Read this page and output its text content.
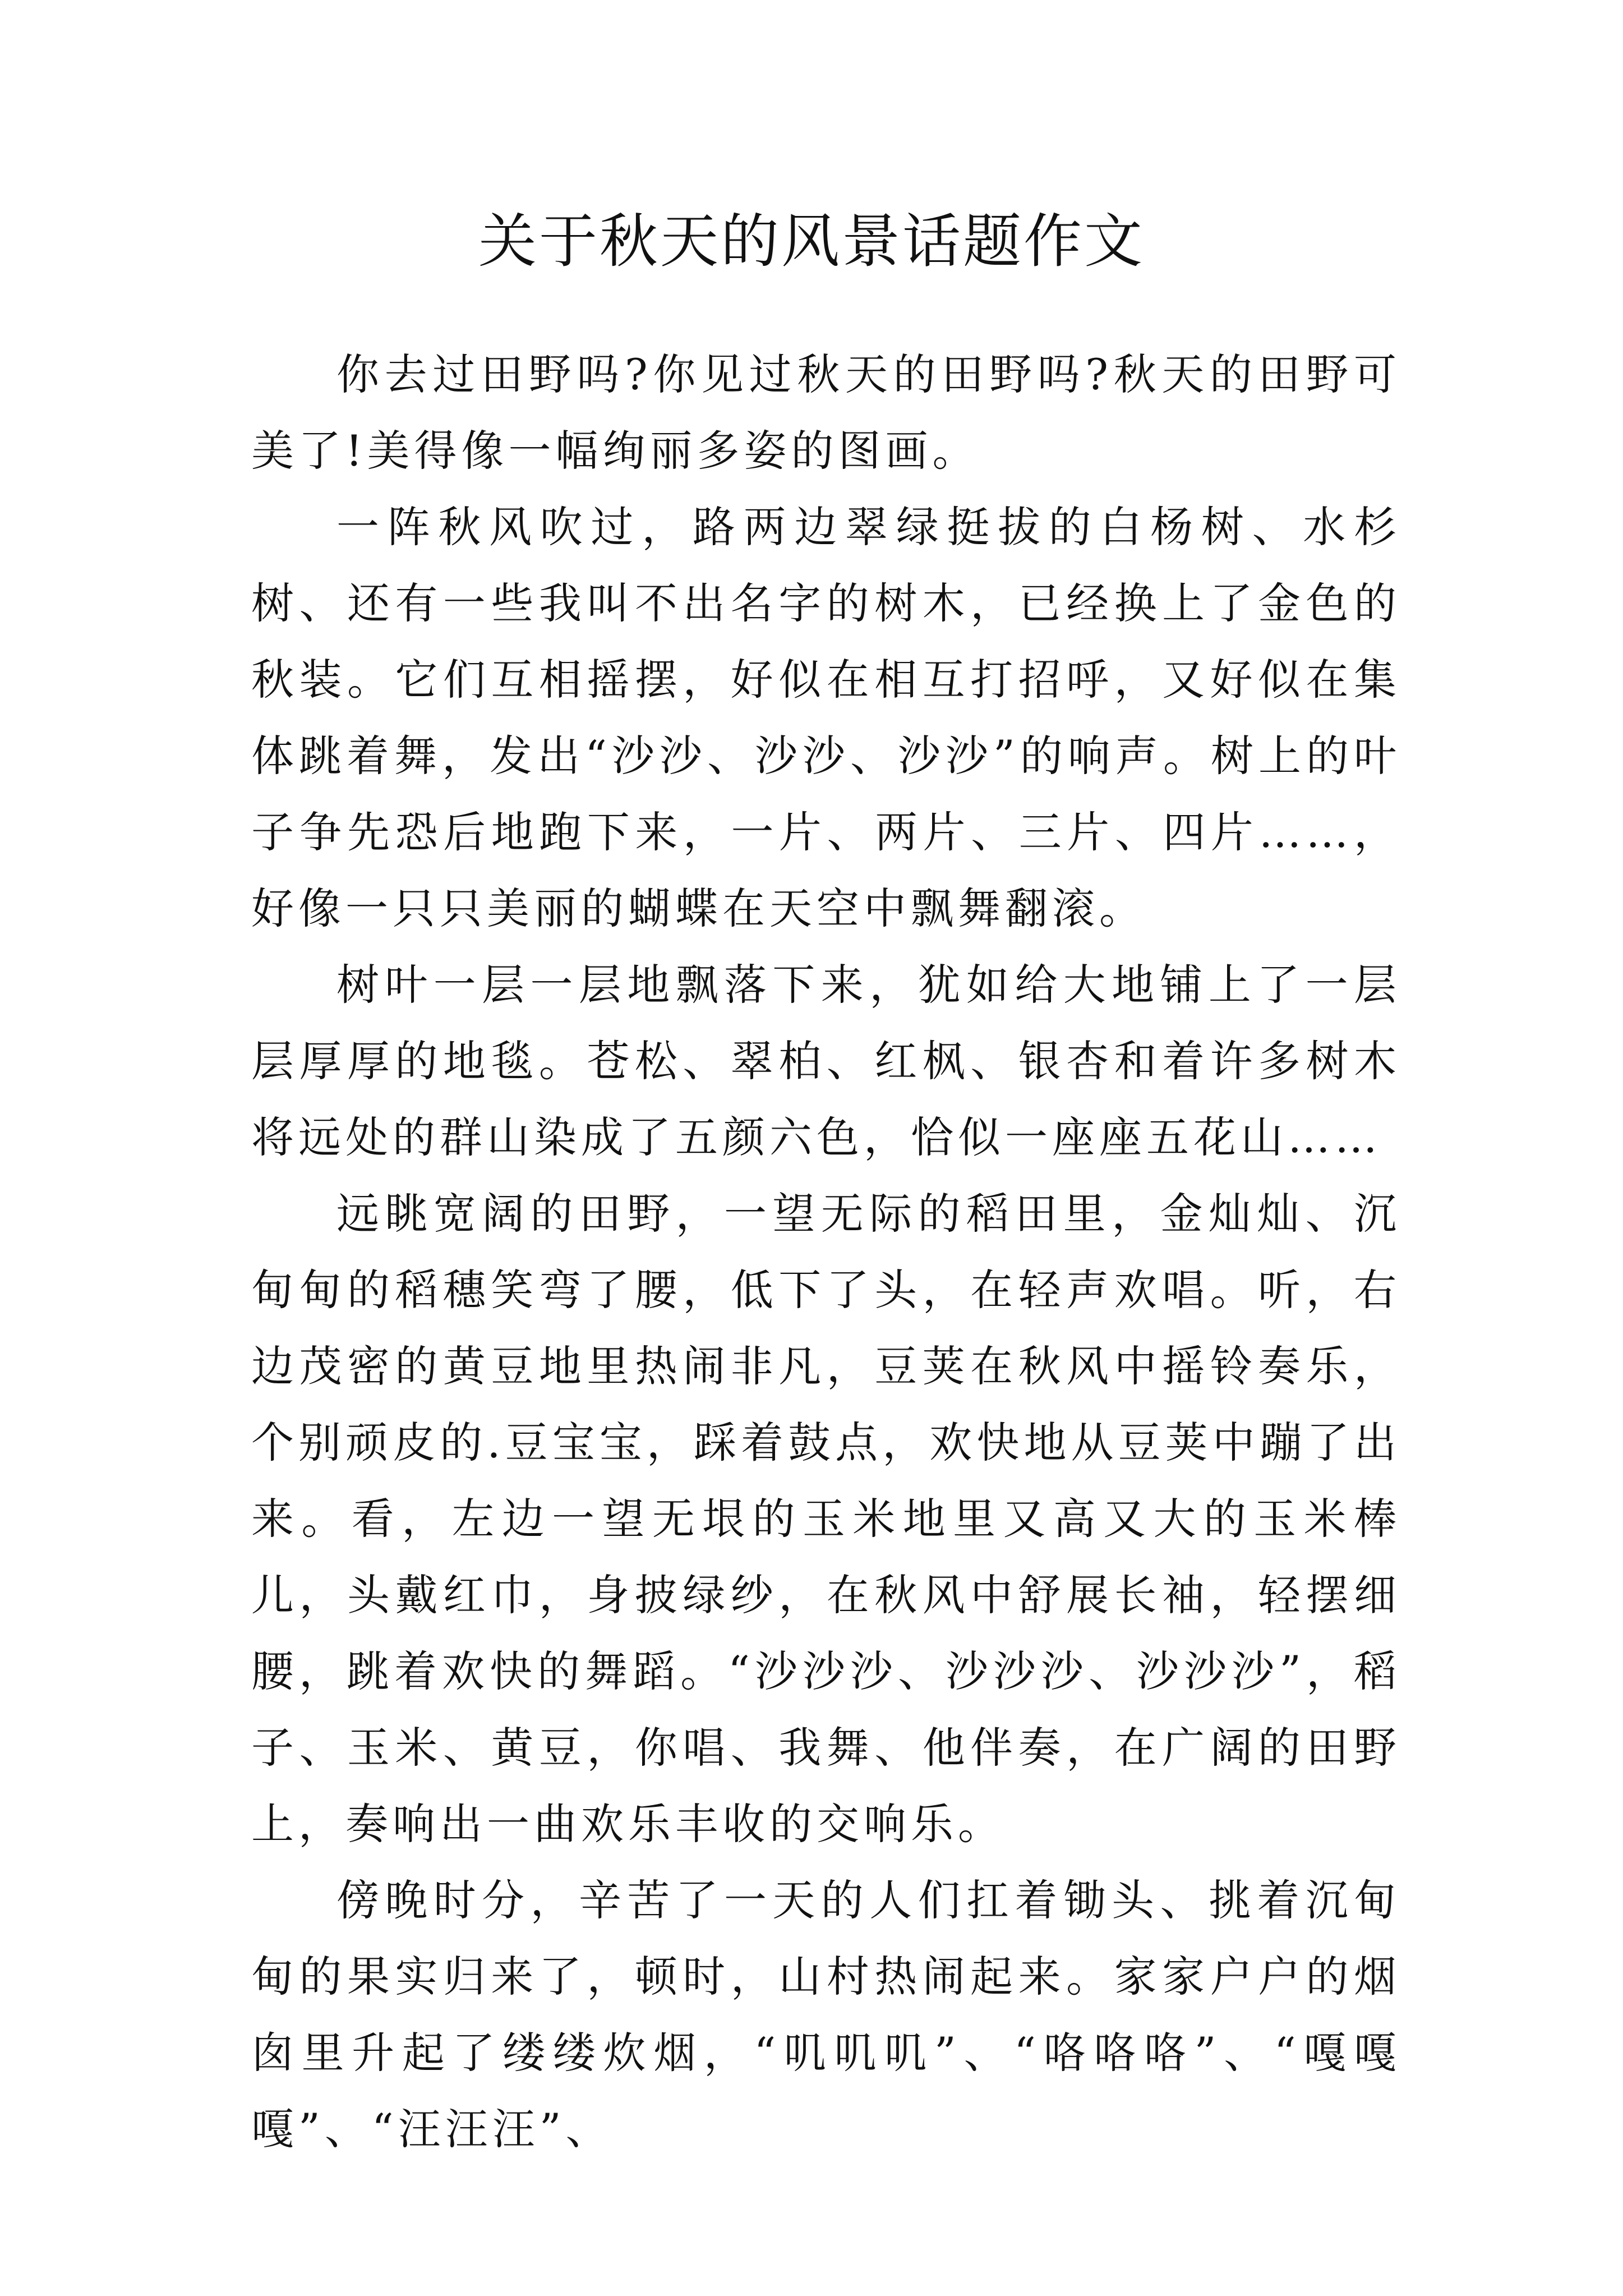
关于秋天的风景话题作文

你去过田野吗?你见过秋天的田野吗?秋天的田野可美了!美得像一幅绚丽多姿的图画。

一阵秋风吹过，路两边翠绿挺拔的白杨树、水杉树、还有一些我叫不出名字的树木，已经换上了金色的秋装。它们互相摇摆，好似在相互打招呼，又好似在集体跳着舞，发出“沙沙、沙沙、沙沙”的响声。树上的叶子争先恐后地跑下来，一片、两片、三片、四片……，好像一只只美丽的蝴蝶在天空中飘舞翻滚。

树叶一层一层地飘落下来，犹如给大地铺上了一层层厚厚的地毯。苍松、翠柏、红枫、银杏和着许多树木将远处的群山染成了五颜六色，恰似一座座五花山……

远眺宽阔的田野，一望无际的稻田里，金灿灿、沉甸甸的稻穗笑弯了腰，低下了头，在轻声欢唱。听，右边茂密的黄豆地里热闹非凡，豆荚在秋风中摇铃奏乐，个别顽皮的.豆宝宝，踩着鼓点，欢快地从豆荚中蹦了出来。看，左边一望无垠的玉米地里又高又大的玉米棒儿，头戴红巾，身披绿纱，在秋风中舒展长袖，轻摆细腰，跳着欢快的舞蹈。“沙沙沙、沙沙沙、沙沙沙”，稻子、玉米、黄豆，你唱、我舞、他伴奏，在广阔的田野上，奏响出一曲欢乐丰收的交响乐。

傍晚时分，辛苦了一天的人们扛着锄头、挑着沉甸甸的果实归来了，顿时，山村热闹起来。家家户户的烟囱里升起了缕缕炊烟，“叽叽叽”、“咯咯咯”、“嘎嘎嘎”、“汪汪汪”、
